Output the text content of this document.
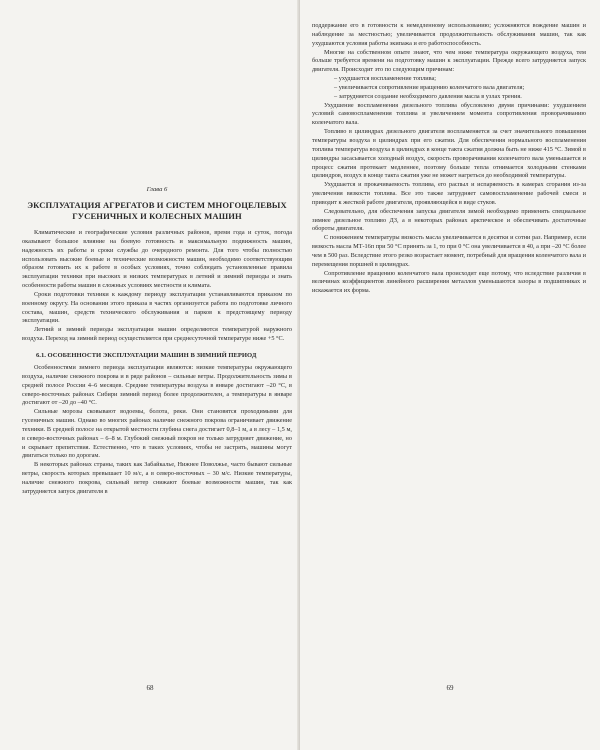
Глава 6
ЭКСПЛУАТАЦИЯ АГРЕГАТОВ И СИСТЕМ МНОГОЦЕЛЕВЫХ ГУСЕНИЧНЫХ И КОЛЕСНЫХ МАШИН

Климатические и географические условия различных районов, время года и суток, погода оказывают большое влияние на боевую готовность и максимальную подвижность машин, надежность их работы и сроки службы до очередного ремонта. Для того чтобы полностью использовать высокие боевые и технические возможности машин, необходимо соответствующим образом готовить их к работе в особых условиях, точно соблюдать установленные правила эксплуатации техники при высоких и низких температурах в летний и зимний периоды и знать особенности работы машин в сложных условиях местности и климата.

Сроки подготовки техники к каждому периоду эксплуатации устанавливаются приказом по военному округу. На основании этого приказа в частях организуется работа по подготовке личного состава, машин, средств технического обслуживания и парков к предстоящему периоду эксплуатации.

Летний и зимний периоды эксплуатации машин определяются температурой наружного воздуха. Переход на зимний период осуществляется при среднесуточной температуре ниже +5 °C.

6.1. ОСОБЕННОСТИ ЭКСПЛУАТАЦИИ МАШИН В ЗИМНИЙ ПЕРИОД

Особенностями зимнего периода эксплуатации являются: низкие температуры окружающего воздуха, наличие снежного покрова и в ряде районов – сильные ветры. Продолжительность зимы в средней полосе России 4–6 месяцев. Средние температуры воздуха в январе достигают –20 °C, в северо-восточных районах Сибири зимний период более продолжителен, а температуры в январе достигают от –20 до –40 °C.

Сильные морозы сковывают водоемы, болота, реки. Они становятся проходимыми для гусеничных машин. Однако во многих районах наличие снежного покрова ограничивает движение техники. В средней полосе на открытой местности глубина снега достигает 0,8–1 м, а в лесу – 1,5 м, в северо-восточных районах – 6–8 м. Глубокий снежный покров не только затрудняет движение, но и скрывает препятствия. Естественно, что в таких условиях, чтобы не застрять, машины могут двигаться только по дорогам.

В некоторых районах страны, таких как Забайкалье, Нижнее Поволжье, часто бывают сильные ветры, скорость которых превышает 10 м/с, а в северо-восточных – 30 м/с. Низкие температуры, наличие снежного покрова, сильный ветер снижают боевые возможности машин, так как затрудняется запуск двигателя в

68

поддержание его в готовности к немедленному использованию; усложняются вождение машин и наблюдение за местностью; увеличивается продолжительность обслуживания машин, так как ухудшаются условия работы экипажа и его работоспособность.

Многие на собственном опыте знают, что чем ниже температура окружающего воздуха, тем больше требуется времени на подготовку машин к эксплуатации. Прежде всего затрудняется запуск двигателя. Происходит это по следующим причинам:

– ухудшается воспламенение топлива;
– увеличивается сопротивление вращению коленчатого вала двигателя;
– затрудняется создание необходимого давления масла в узлах трения.

Ухудшение воспламенения дизельного топлива обусловлено двумя причинами: ухудшением условий самовоспламенения топлива и увеличением момента сопротивления проворачиванию коленчатого вала.

Топливо в цилиндрах дизельного двигателя воспламеняется за счет значительного повышения температуры воздуха в цилиндрах при его сжатии. Для обеспечения нормального воспламенения топлива температура воздуха в цилиндрах в конце такта сжатия должна быть не ниже 415 °C. Зимой в цилиндры засасывается холодный воздух, скорость проворачивания коленчатого вала уменьшается и процесс сжатия протекает медленнее, поэтому больше тепла отнимается холодными стенками цилиндров, воздух в конце такта сжатия уже не может нагреться до необходимой температуры.

Ухудшается и прокачиваемость топлива, его распыл и испаряемость в камерах сгорания из-за увеличения вязкости топлива. Все это также затрудняет самовоспламенение рабочей смеси и приводит к жесткой работе двигателя, проявляющейся в виде стуков.

Следовательно, для обеспечения запуска двигателя зимой необходимо применять специальное зимнее дизельное топливо ДЗ, а в некоторых районах арктическое и обеспечивать достаточные обороты двигателя.

С понижением температуры вязкость масла увеличивается в десятки и сотни раз. Например, если вязкость масла МТ-16п при 50 °C принять за 1, то при 0 °C она увеличивается в 40, а при –20 °C более чем в 500 раз. Вследствие этого резко возрастает момент, потребный для вращения коленчатого вала и перемещения поршней в цилиндрах.

Сопротивление вращению коленчатого вала происходит еще потому, что вследствие различия в величинах коэффициентов линейного расширения металлов уменьшаются зазоры в подшипниках и искажается их форма.

69
